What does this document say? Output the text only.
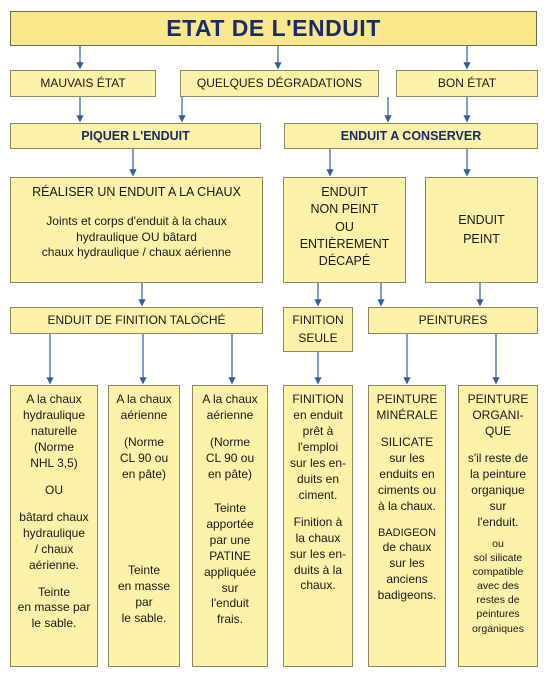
ETAT DE L'ENDUIT
MAUVAIS ÉTAT	QUELQUES DÉGRADATIONS	BON ÉTAT
PIQUER L'ENDUIT	ENDUIT A CONSERVER
RÉALISER UN ENDUIT A LA CHAUX
Joints et corps d'enduit à la chaux
hydraulique OU bâtard
chaux hydraulique / chaux aérienne
ENDUIT
NON PEINT
OU
ENTIÈREMENT
DÉCAPÉ
ENDUIT
PEINT
ENDUIT DE FINITION TALOCHÉ	FINITION
SEULE
PEINTURES
A la chaux
hydraulique
naturelle
(Norme
NHL 3,5)
OU
bâtard chaux
hydraulique
/ chaux
aérienne.
Teinte
en masse par
le sable.
A la chaux
aérienne
(Norme
CL 90 ou
en pâte)
Teinte
en masse
par
le sable.
A la chaux
aérienne
(Norme
CL 90 ou
en pâte)
Teinte
apportée
par une
PATINE
appliquée
sur
l'enduit
frais.
FINITION
en enduit
prêt à
l'emploi
sur les en-
duits en
ciment.
Finition à
la chaux
sur les en-
duits à la
chaux.
PEINTURE
MINÉRALE
SILICATE
sur les
enduits en
ciments ou
à la chaux.
BADIGEON
de chaux
sur les
anciens
badigeons.
PEINTURE
ORGANI-
QUE
s'il reste de
la peinture
organique
sur
l'enduit.
ou
sol silicate
compatible
avec des
restes de
peintures
organiques
